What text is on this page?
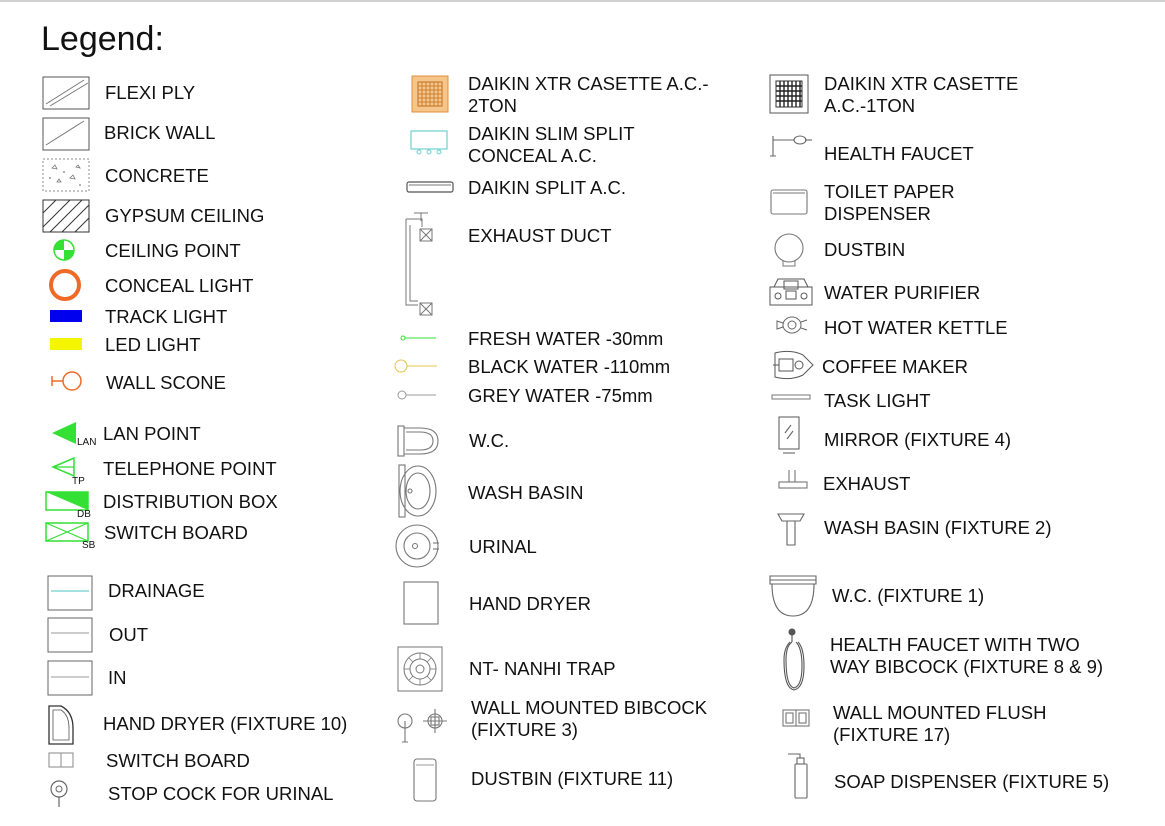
Legend:
FLEXI PLY
BRICK WALL
CONCRETE
GYPSUM CEILING
CEILING POINT
CONCEAL LIGHT
TRACK LIGHT
LED LIGHT
WALL SCONE
LAN LAN POINT
TP
TELEPHONE POINT
DB
DISTRIBUTION BOX
SB
SWITCH BOARD
DRAINAGE
OUT
IN
HAND DRYER (FIXTURE 10)
SWITCH BOARD
STOP COCK FOR URINAL
DAIKIN XTR CASETTE A.C.-
2TON
DAIKIN SLIM SPLIT
CONCEAL A.C.
DAIKIN SPLIT A.C.
EXHAUST DUCT
FRESH WATER -30mm
BLACK WATER -110mm
GREY WATER -75mm
W.C.
WASH BASIN
URINAL
HAND DRYER
NT- NANHI TRAP
WALL MOUNTED BIBCOCK
(FIXTURE 3)
DUSTBIN (FIXTURE 11)
DAIKIN XTR CASETTE
A.C.-1TON
HEALTH FAUCET
TOILET PAPER
DISPENSER
DUSTBIN
WATER PURIFIER
HOT WATER KETTLE
COFFEE MAKER
TASK LIGHT
MIRROR (FIXTURE 4)
EXHAUST
WASH BASIN (FIXTURE 2)
W.C. (FIXTURE 1)
HEALTH FAUCET WITH TWO
WAY BIBCOCK (FIXTURE 8 & 9)
WALL MOUNTED FLUSH
(FIXTURE 17)
SOAP DISPENSER (FIXTURE 5)
